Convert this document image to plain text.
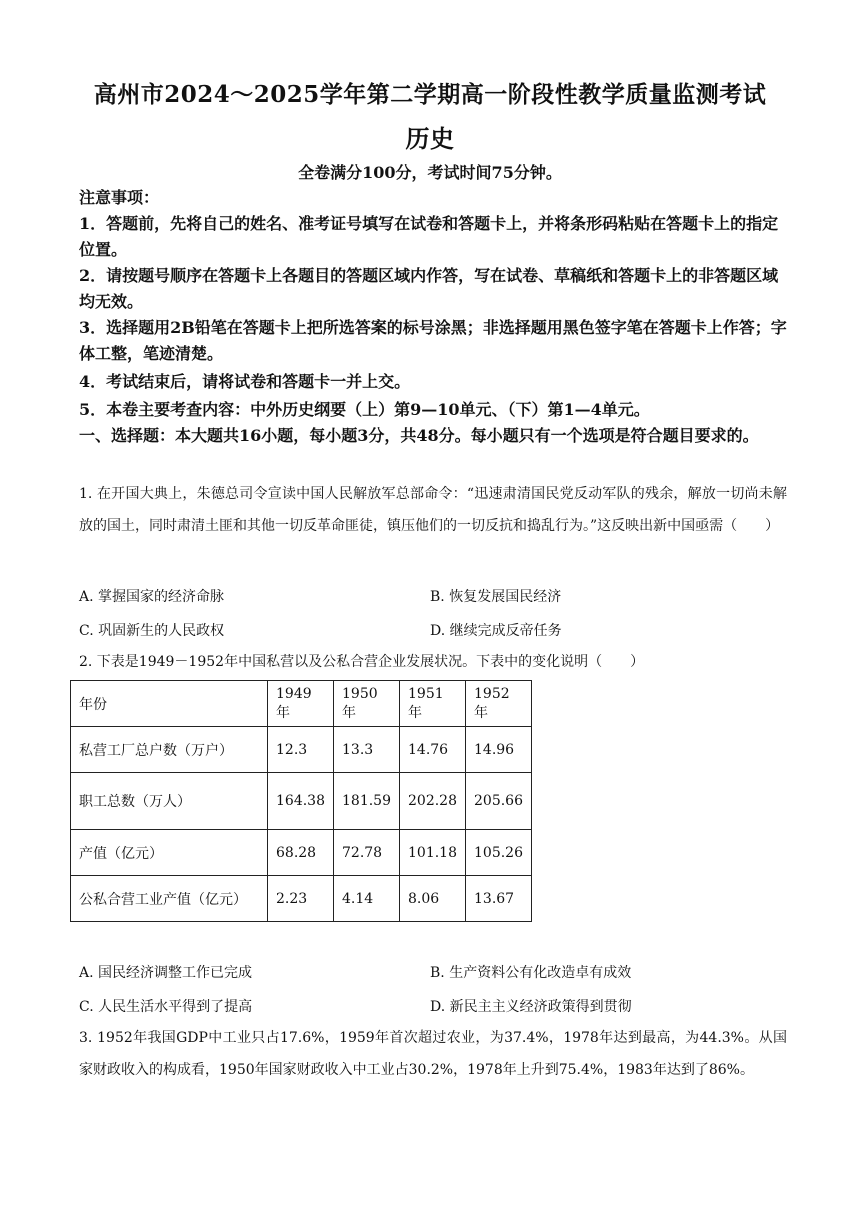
高州市2024～2025学年第二学期高一阶段性教学质量监测考试
历史
全卷满分100分，考试时间75分钟。
注意事项：
1．答题前，先将自己的姓名、准考证号填写在试卷和答题卡上，并将条形码粘贴在答题卡上的指定位置。
2．请按题号顺序在答题卡上各题目的答题区域内作答，写在试卷、草稿纸和答题卡上的非答题区域均无效。
3．选择题用2B铅笔在答题卡上把所选答案的标号涂黑；非选择题用黑色签字笔在答题卡上作答；字体工整，笔迹清楚。
4．考试结束后，请将试卷和答题卡一并上交。
5．本卷主要考查内容：中外历史纲要（上）第9—10单元、（下）第1—4单元。
一、选择题：本大题共16小题，每小题3分，共48分。每小题只有一个选项是符合题目要求的。
1. 在开国大典上，朱德总司令宣读中国人民解放军总部命令：“迅速肃清国民党反动军队的残余，解放一切尚未解放的国土，同时肃清土匪和其他一切反革命匪徒，镇压他们的一切反抗和捣乱行为。”这反映出新中国亟需（　　）
A. 掌握国家的经济命脉	B. 恢复发展国民经济
C. 巩固新生的人民政权	D. 继续完成反帝任务
2. 下表是1949－1952年中国私营以及公私合营企业发展状况。下表中的变化说明（　　）
年份	1949年	1950年	1951年	1952年
私营工厂总户数（万户）	12.3	13.3	14.76	14.96
职工总数（万人）	164.38	181.59	202.28	205.66
产值（亿元）	68.28	72.78	101.18	105.26
公私合营工业产值（亿元）	2.23	4.14	8.06	13.67
A. 国民经济调整工作已完成	B. 生产资料公有化改造卓有成效
C. 人民生活水平得到了提高	D. 新民主主义经济政策得到贯彻
3. 1952年我国GDP中工业只占17.6%，1959年首次超过农业，为37.4%，1978年达到最高，为44.3%。从国家财政收入的构成看，1950年国家财政收入中工业占30.2%，1978年上升到75.4%，1983年达到了86%。
